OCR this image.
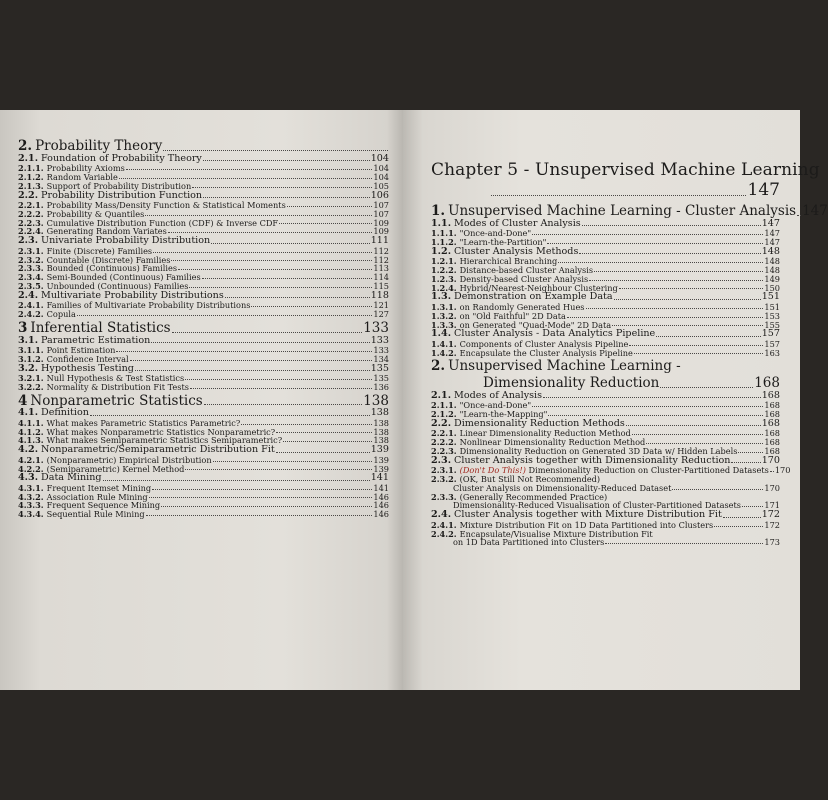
2. Probability Theory
2.1. Foundation of Probability Theory	104
2.1.1. Probability Axioms	104
2.1.2. Random Variable	104
2.1.3. Support of Probability Distribution	105
2.2. Probability Distribution Function	106
2.2.1. Probability Mass/Density Function & Statistical Moments	107
2.2.2. Probability & Quantiles	107
2.2.3. Cumulative Distribution Function (CDF) & Inverse CDF	109
2.2.4. Generating Random Variates	109
2.3. Univariate Probability Distribution	111
2.3.1. Finite (Discrete) Families	112
2.3.2. Countable (Discrete) Families	112
2.3.3. Bounded (Continuous) Families	113
2.3.4. Semi-Bounded (Continuous) Families	114
2.3.5. Unbounded (Continuous) Families	115
2.4. Multivariate Probability Distributions	118
2.4.1. Families of Multivariate Probability Distributions	121
2.4.2. Copula	127
3 Inferential Statistics	133
3.1. Parametric Estimation	133
3.1.1. Point Estimation	133
3.1.2. Confidence Interval	134
3.2. Hypothesis Testing	135
3.2.1. Null Hypothesis & Test Statistics	135
3.2.2. Normality & Distribution Fit Tests	136
4 Nonparametric Statistics	138
4.1. Definition	138
4.1.1. What makes Parametric Statistics Parametric?	138
4.1.2. What makes Nonparametric Statistics Nonparametric?	138
4.1.3. What makes Semiparametric Statistics Semiparametric?	138
4.2. Nonparametric/Semiparametric Distribution Fit	139
4.2.1. (Nonparametric) Empirical Distribution	139
4.2.2. (Semiparametric) Kernel Method	139
4.3. Data Mining	141
4.3.1. Frequent Itemset Mining	141
4.3.2. Association Rule Mining	146
4.3.3. Frequent Sequence Mining	146
4.3.4. Sequential Rule Mining	146
Chapter 5 - Unsupervised Machine Learning
147
1. Unsupervised Machine Learning - Cluster Analysis 147
1.1. Modes of Cluster Analysis	147
1.1.1. "Once-and-Done"	147
1.1.2. "Learn-the-Partition"	147
1.2. Cluster Analysis Methods	148
1.2.1. Hierarchical Branching	148
1.2.2. Distance-based Cluster Analysis	148
1.2.3. Density-based Cluster Analysis	149
1.2.4. Hybrid/Nearest-Neighbour Clustering	150
1.3. Demonstration on Example Data	151
1.3.1. on Randomly Generated Hues	151
1.3.2. on "Old Faithful" 2D Data	153
1.3.3. on Generated "Quad-Mode" 2D Data	155
1.4. Cluster Analysis - Data Analytics Pipeline	157
1.4.1. Components of Cluster Analysis Pipeline	157
1.4.2. Encapsulate the Cluster Analysis Pipeline	163
2. Unsupervised Machine Learning -
Dimensionality Reduction	168
2.1. Modes of Analysis	168
2.1.1. "Once-and-Done"	168
2.1.2. "Learn-the-Mapping"	168
2.2. Dimensionality Reduction Methods	168
2.2.1. Linear Dimensionality Reduction Method	168
2.2.2. Nonlinear Dimensionality Reduction Method	168
2.2.3. Dimensionality Reduction on Generated 3D Data w/ Hidden Labels	168
2.3. Cluster Analysis together with Dimensionality Reduction	170
2.3.1. (Don't Do This!) Dimensionality Reduction on Cluster-Partitioned Datasets 170
2.3.2. (OK, But Still Not Recommended)
Cluster Analysis on Dimensionality-Reduced Dataset	170
2.3.3. (Generally Recommended Practice)
Dimensionality-Reduced Visualisation of Cluster-Partitioned Datasets	171
2.4. Cluster Analysis together with Mixture Distribution Fit	172
2.4.1. Mixture Distribution Fit on 1D Data Partitioned into Clusters	172
2.4.2. Encapsulate/Visualise Mixture Distribution Fit
on 1D Data Partitioned into Clusters	173
